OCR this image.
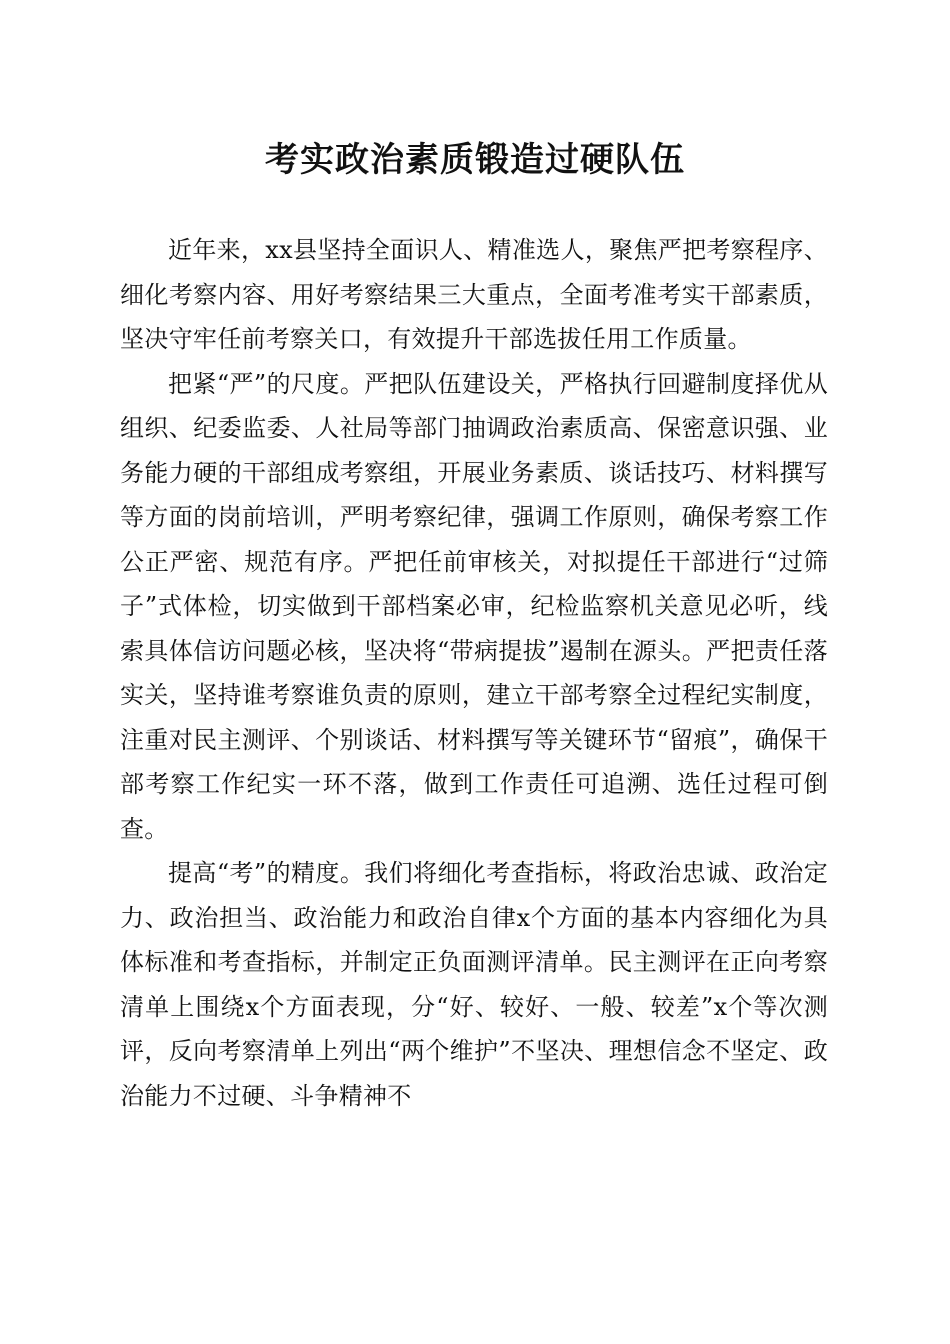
考实政治素质锻造过硬队伍

近年来，xx县坚持全面识人、精准选人，聚焦严把考察程序、细化考察内容、用好考察结果三大重点，全面考准考实干部素质，坚决守牢任前考察关口，有效提升干部选拔任用工作质量。

把紧“严”的尺度。严把队伍建设关，严格执行回避制度择优从组织、纪委监委、人社局等部门抽调政治素质高、保密意识强、业务能力硬的干部组成考察组，开展业务素质、谈话技巧、材料撰写等方面的岗前培训，严明考察纪律，强调工作原则，确保考察工作公正严密、规范有序。严把任前审核关，对拟提任干部进行“过筛子”式体检，切实做到干部档案必审，纪检监察机关意见必听，线索具体信访问题必核，坚决将“带病提拔”遏制在源头。严把责任落实关，坚持谁考察谁负责的原则，建立干部考察全过程纪实制度，注重对民主测评、个别谈话、材料撰写等关键环节“留痕”，确保干部考察工作纪实一环不落，做到工作责任可追溯、选任过程可倒查。

提高“考”的精度。我们将细化考查指标，将政治忠诚、政治定力、政治担当、政治能力和政治自律x个方面的基本内容细化为具体标准和考查指标，并制定正负面测评清单。民主测评在正向考察清单上围绕x个方面表现，分“好、较好、一般、较差”x个等次测评，反向考察清单上列出“两个维护”不坚决、理想信念不坚定、政治能力不过硬、斗争精神不
